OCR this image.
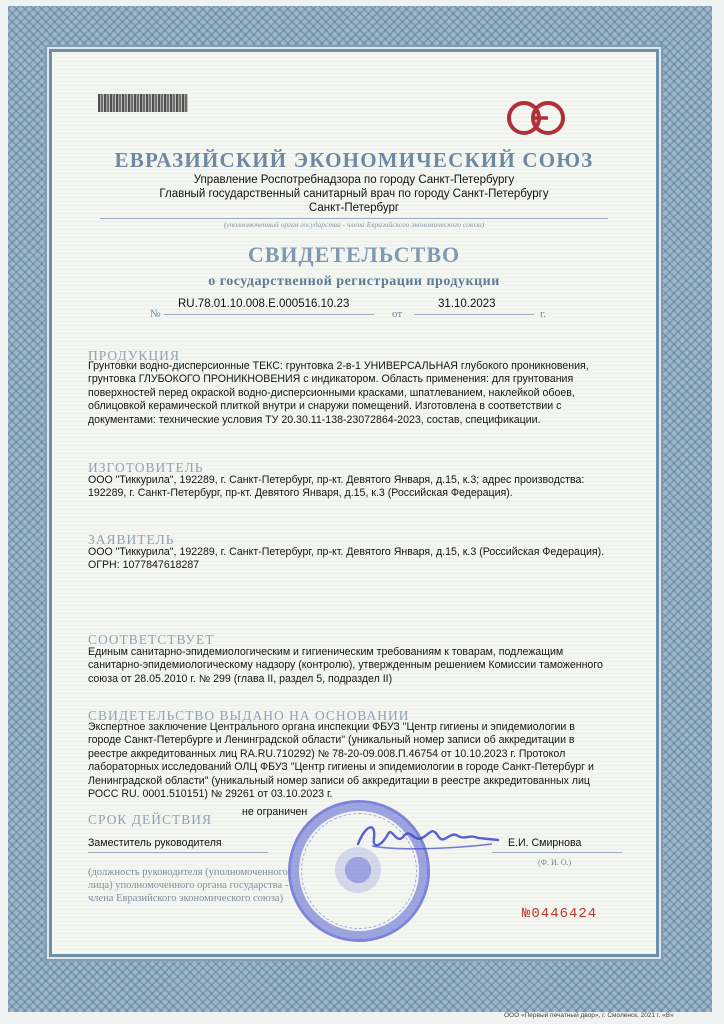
ЕВРАЗИЙСКИЙ ЭКОНОМИЧЕСКИЙ СОЮЗ
Управление Роспотребнадзора по городу Санкт-Петербургу
Главный государственный санитарный врач по городу Санкт-Петербургу
Санкт-Петербург
(уполномоченный орган государства - члена Евразийского экономического союза)
СВИДЕТЕЛЬСТВО
о государственной регистрации продукции
№
RU.78.01.10.008.E.000516.10.23
от
31.10.2023
г.
ПРОДУКЦИЯ
Грунтовки водно-дисперсионные ТЕКС: грунтовка 2-в-1 УНИВЕРСАЛЬНАЯ глубокого проникновения,
грунтовка ГЛУБОКОГО ПРОНИКНОВЕНИЯ с индикатором. Область применения: для грунтования
поверхностей перед окраской водно-дисперсионными красками, шпатлеванием, наклейкой обоев,
облицовкой керамической плиткой внутри и снаружи помещений. Изготовлена в соответствии с
документами: технические условия ТУ 20.30.11-138-23072864-2023, состав, спецификации.
ИЗГОТОВИТЕЛЬ
ООО "Тиккурила", 192289, г. Санкт-Петербург, пр-кт. Девятого Января, д.15, к.3; адрес производства:
192289, г. Санкт-Петербург, пр-кт. Девятого Января, д.15, к.3 (Российская Федерация).
ЗАЯВИТЕЛЬ
ООО "Тиккурила", 192289, г. Санкт-Петербург, пр-кт. Девятого Января, д.15, к.3 (Российская Федерация).
ОГРН: 1077847618287
СООТВЕТСТВУЕТ
Единым санитарно-эпидемиологическим и гигиеническим требованиям к товарам, подлежащим
санитарно-эпидемиологическому надзору (контролю), утвержденным решением Комиссии таможенного
союза от 28.05.2010 г. № 299 (глава II, раздел 5, подраздел II)
СВИДЕТЕЛЬСТВО ВЫДАНО НА ОСНОВАНИИ
Экспертное заключение Центрального органа инспекции ФБУЗ "Центр гигиены и эпидемиологии в
городе Санкт-Петербурге и Ленинградской области" (уникальный номер записи об аккредитации в
реестре аккредитованных лиц RA.RU.710292) № 78-20-09.008.П.46754 от 10.10.2023 г. Протокол
лабораторных исследований ОЛЦ ФБУЗ "Центр гигиены и эпидемиологии в городе Санкт-Петербург и
Ленинградской области" (уникальный номер записи об аккредитации в реестре аккредитованных лиц
РОСС RU. 0001.510151) № 29261 от 03.10.2023 г.
СРОК ДЕЙСТВИЯ	не ограничен
Заместитель руководителя	Е.И. Смирнова
(должность руководителя (уполномоченного
лица) уполномоченного органа государства -
члена Евразийского экономического союза)
(Ф. И. О.)
№0446424
ООО «Первый печатный двор», г. Смоленск, 2021 г. «В»
